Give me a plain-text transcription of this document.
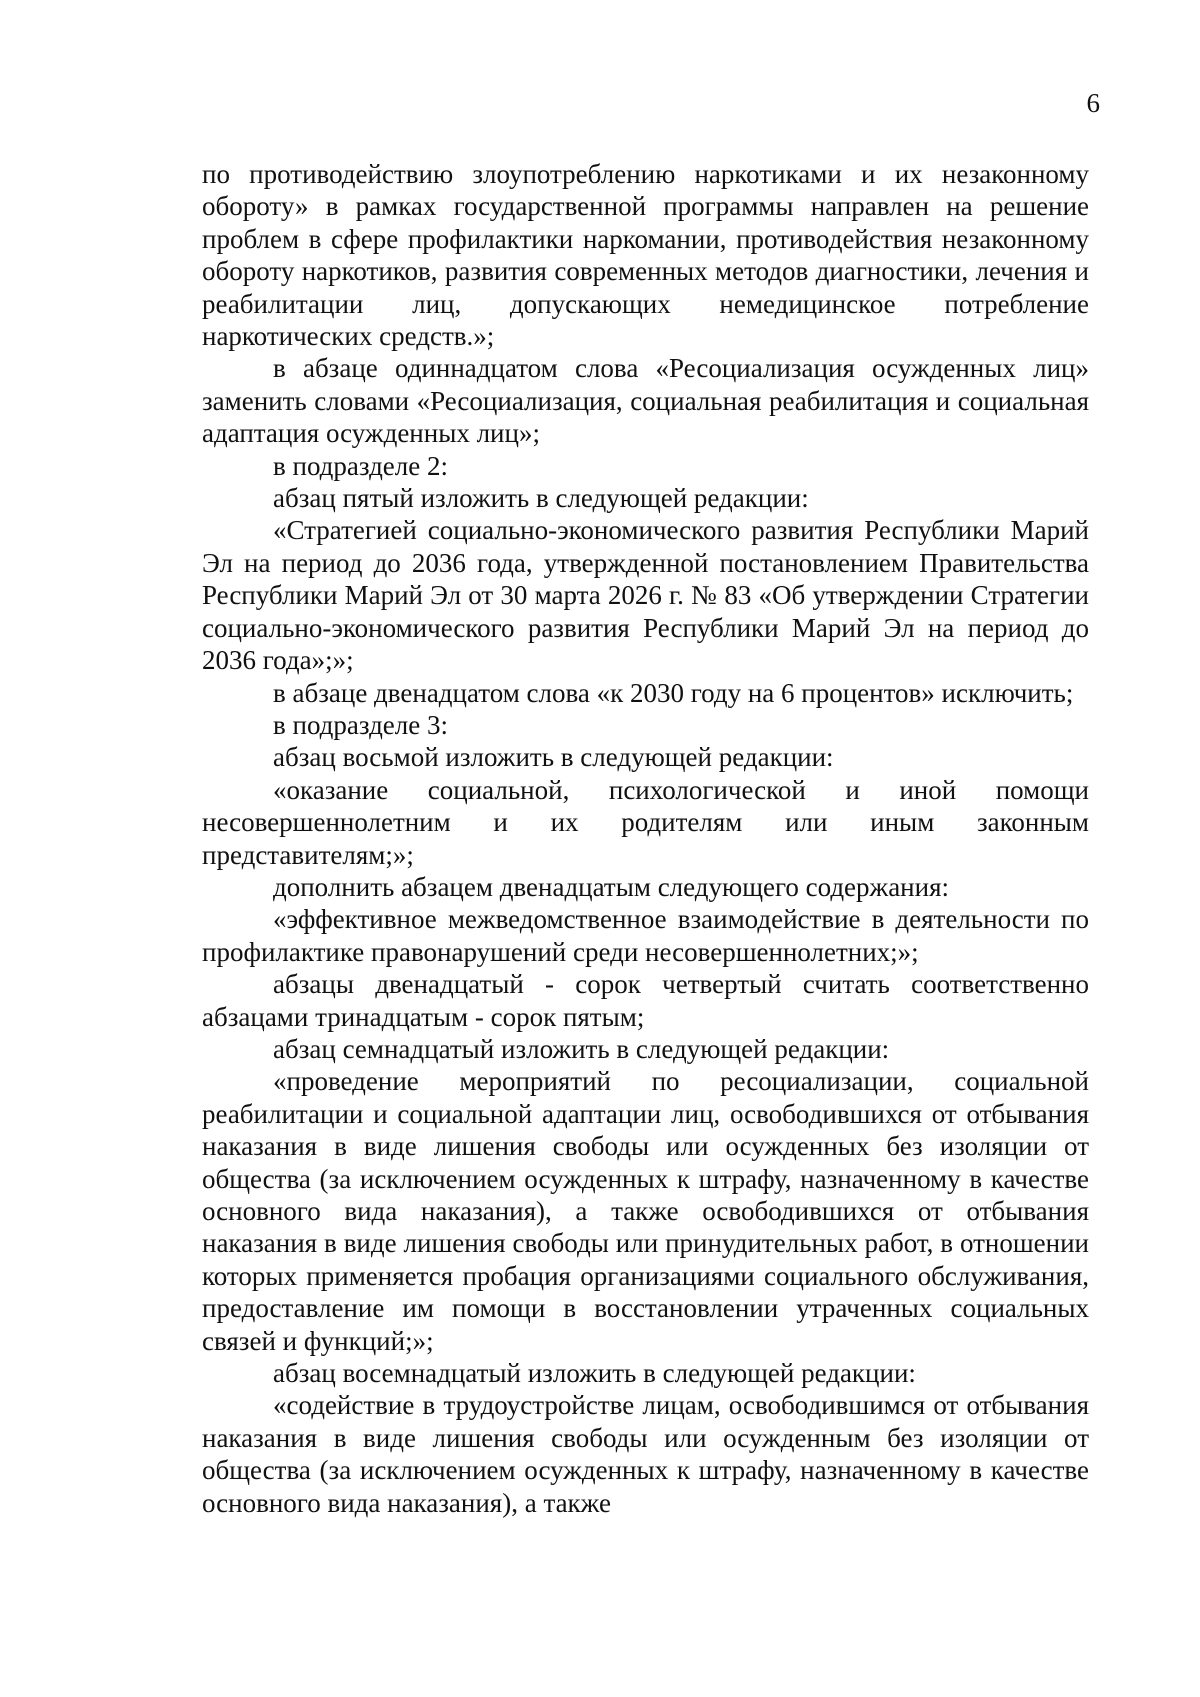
6

по противодействию злоупотреблению наркотиками и их незаконному обороту» в рамках государственной программы направлен на решение проблем в сфере профилактики наркомании, противодействия незаконному обороту наркотиков, развития современных методов диагностики, лечения и реабилитации лиц, допускающих немедицинское потребление наркотических средств.»;

в абзаце одиннадцатом слова «Ресоциализация осужденных лиц» заменить словами «Ресоциализация, социальная реабилитация и социальная адаптация осужденных лиц»;

в подразделе 2:

абзац пятый изложить в следующей редакции:

«Стратегией социально-экономического развития Республики Марий Эл на период до 2036 года, утвержденной постановлением Правительства Республики Марий Эл от 30 марта 2026 г. № 83 «Об утверждении Стратегии социально-экономического развития Республики Марий Эл на период до 2036 года»;»;

в абзаце двенадцатом слова «к 2030 году на 6 процентов» исключить;

в подразделе 3:

абзац восьмой изложить в следующей редакции:

«оказание социальной, психологической и иной помощи несовершеннолетним и их родителям или иным законным представителям;»;

дополнить абзацем двенадцатым следующего содержания:

«эффективное межведомственное взаимодействие в деятельности по профилактике правонарушений среди несовершеннолетних;»;

абзацы двенадцатый - сорок четвертый считать соответственно абзацами тринадцатым - сорок пятым;

абзац семнадцатый изложить в следующей редакции:

«проведение мероприятий по ресоциализации, социальной реабилитации и социальной адаптации лиц, освободившихся от отбывания наказания в виде лишения свободы или осужденных без изоляции от общества (за исключением осужденных к штрафу, назначенному в качестве основного вида наказания), а также освободившихся от отбывания наказания в виде лишения свободы или принудительных работ, в отношении которых применяется пробация организациями социального обслуживания, предоставление им помощи в восстановлении утраченных социальных связей и функций;»;

абзац восемнадцатый изложить в следующей редакции:

«содействие в трудоустройстве лицам, освободившимся от отбывания наказания в виде лишения свободы или осужденным без изоляции от общества (за исключением осужденных к штрафу, назначенному в качестве основного вида наказания), а также
